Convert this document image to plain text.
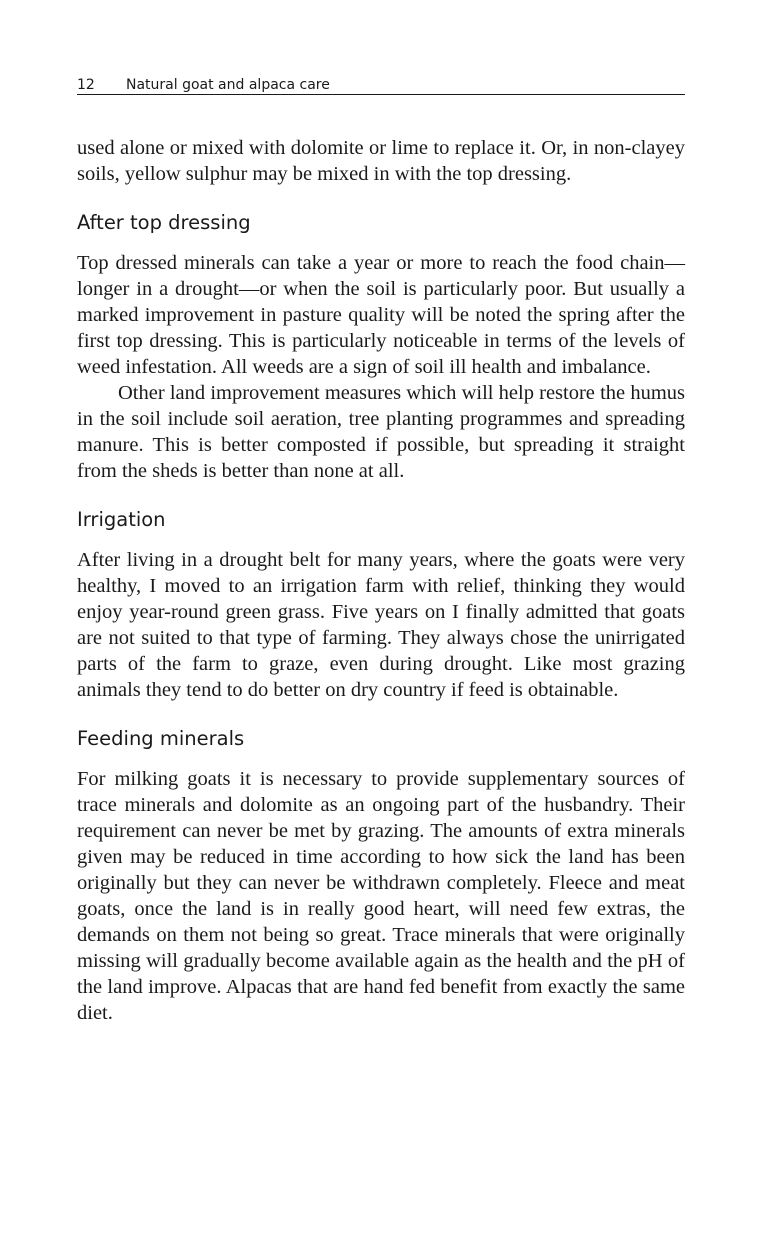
12 Natural goat and alpaca care

used alone or mixed with dolomite or lime to replace it. Or, in non-clayey soils, yellow sulphur may be mixed in with the top dressing.

After top dressing

Top dressed minerals can take a year or more to reach the food chain—longer in a drought—or when the soil is particularly poor. But usually a marked improvement in pasture quality will be noted the spring after the first top dressing. This is particularly noticeable in terms of the levels of weed infestation. All weeds are a sign of soil ill health and imbalance.

Other land improvement measures which will help restore the humus in the soil include soil aeration, tree planting programmes and spreading manure. This is better composted if possible, but spreading it straight from the sheds is better than none at all.

Irrigation

After living in a drought belt for many years, where the goats were very healthy, I moved to an irrigation farm with relief, thinking they would enjoy year-round green grass. Five years on I finally admitted that goats are not suited to that type of farming. They always chose the unirrigated parts of the farm to graze, even during drought. Like most grazing animals they tend to do better on dry country if feed is obtainable.

Feeding minerals

For milking goats it is necessary to provide supplementary sources of trace minerals and dolomite as an ongoing part of the husbandry. Their requirement can never be met by grazing. The amounts of extra minerals given may be reduced in time according to how sick the land has been originally but they can never be withdrawn completely. Fleece and meat goats, once the land is in really good heart, will need few extras, the demands on them not being so great. Trace minerals that were originally missing will gradually become available again as the health and the pH of the land improve. Alpacas that are hand fed benefit from exactly the same diet.
